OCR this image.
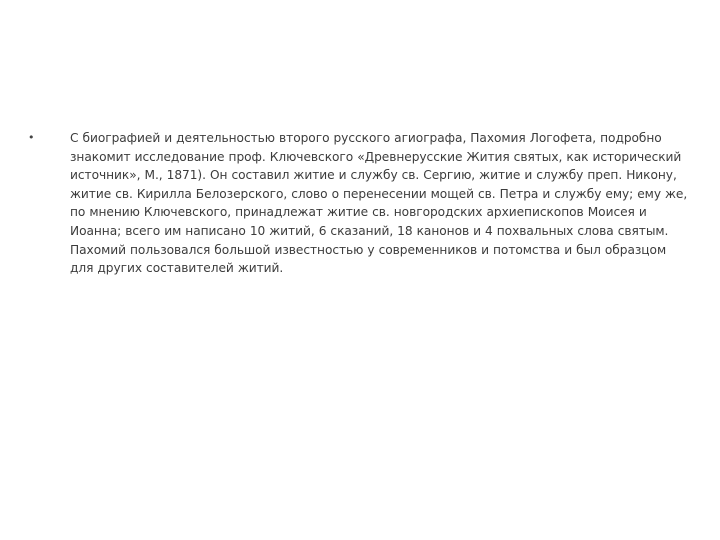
•	С биографией и деятельностью второго русского агиографа, Пахомия Логофета, подробно знакомит исследование проф. Ключевского «Древнерусские Жития святых, как исторический источник», М., 1871). Он составил житие и службу св. Сергию, житие и службу преп. Никону, житие св. Кирилла Белозерского, слово о перенесении мощей св. Петра и службу ему; ему же, по мнению Ключевского, принадлежат житие св. новгородских архиепископов Моисея и Иоанна; всего им написано 10 житий, 6 сказаний, 18 канонов и 4 похвальных слова святым. Пахомий пользовался большой известностью у современников и потомства и был образцом для других составителей житий.
